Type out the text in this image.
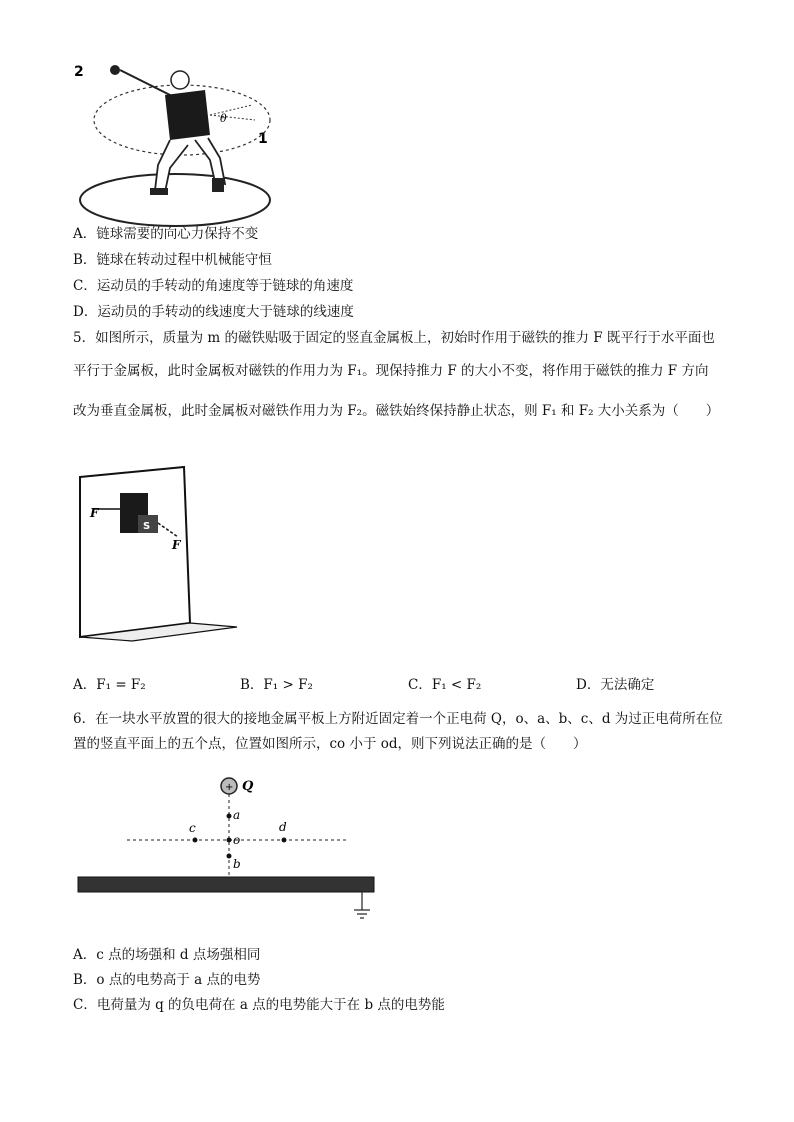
2
1
θ
A．链球需要的向心力保持不变
B．链球在转动过程中机械能守恒
C．运动员的手转动的角速度等于链球的角速度
D．运动员的手转动的线速度大于链球的线速度
5．如图所示，质量为 m 的磁铁贴吸于固定的竖直金属板上，初始时作用于磁铁的推力 F 既平行于水平面也
平行于金属板，此时金属板对磁铁的作用力为 F₁。现保持推力 F 的大小不变，将作用于磁铁的推力 F 方向
改为垂直金属板，此时金属板对磁铁作用力为 F₂。磁铁始终保持静止状态，则 F₁ 和 F₂ 大小关系为（　　）
F
F
S
A．F₁ = F₂	B．F₁ > F₂	C．F₁ < F₂	D．无法确定
6．在一块水平放置的很大的接地金属平板上方附近固定着一个正电荷 Q，o、a、b、c、d 为过正电荷所在位
置的竖直平面上的五个点，位置如图所示，co 小于 od，则下列说法正确的是（　　）
+ Q
a
o
b
c	d
A．c 点的场强和 d 点场强相同
B．o 点的电势高于 a 点的电势
C．电荷量为 q 的负电荷在 a 点的电势能大于在 b 点的电势能
